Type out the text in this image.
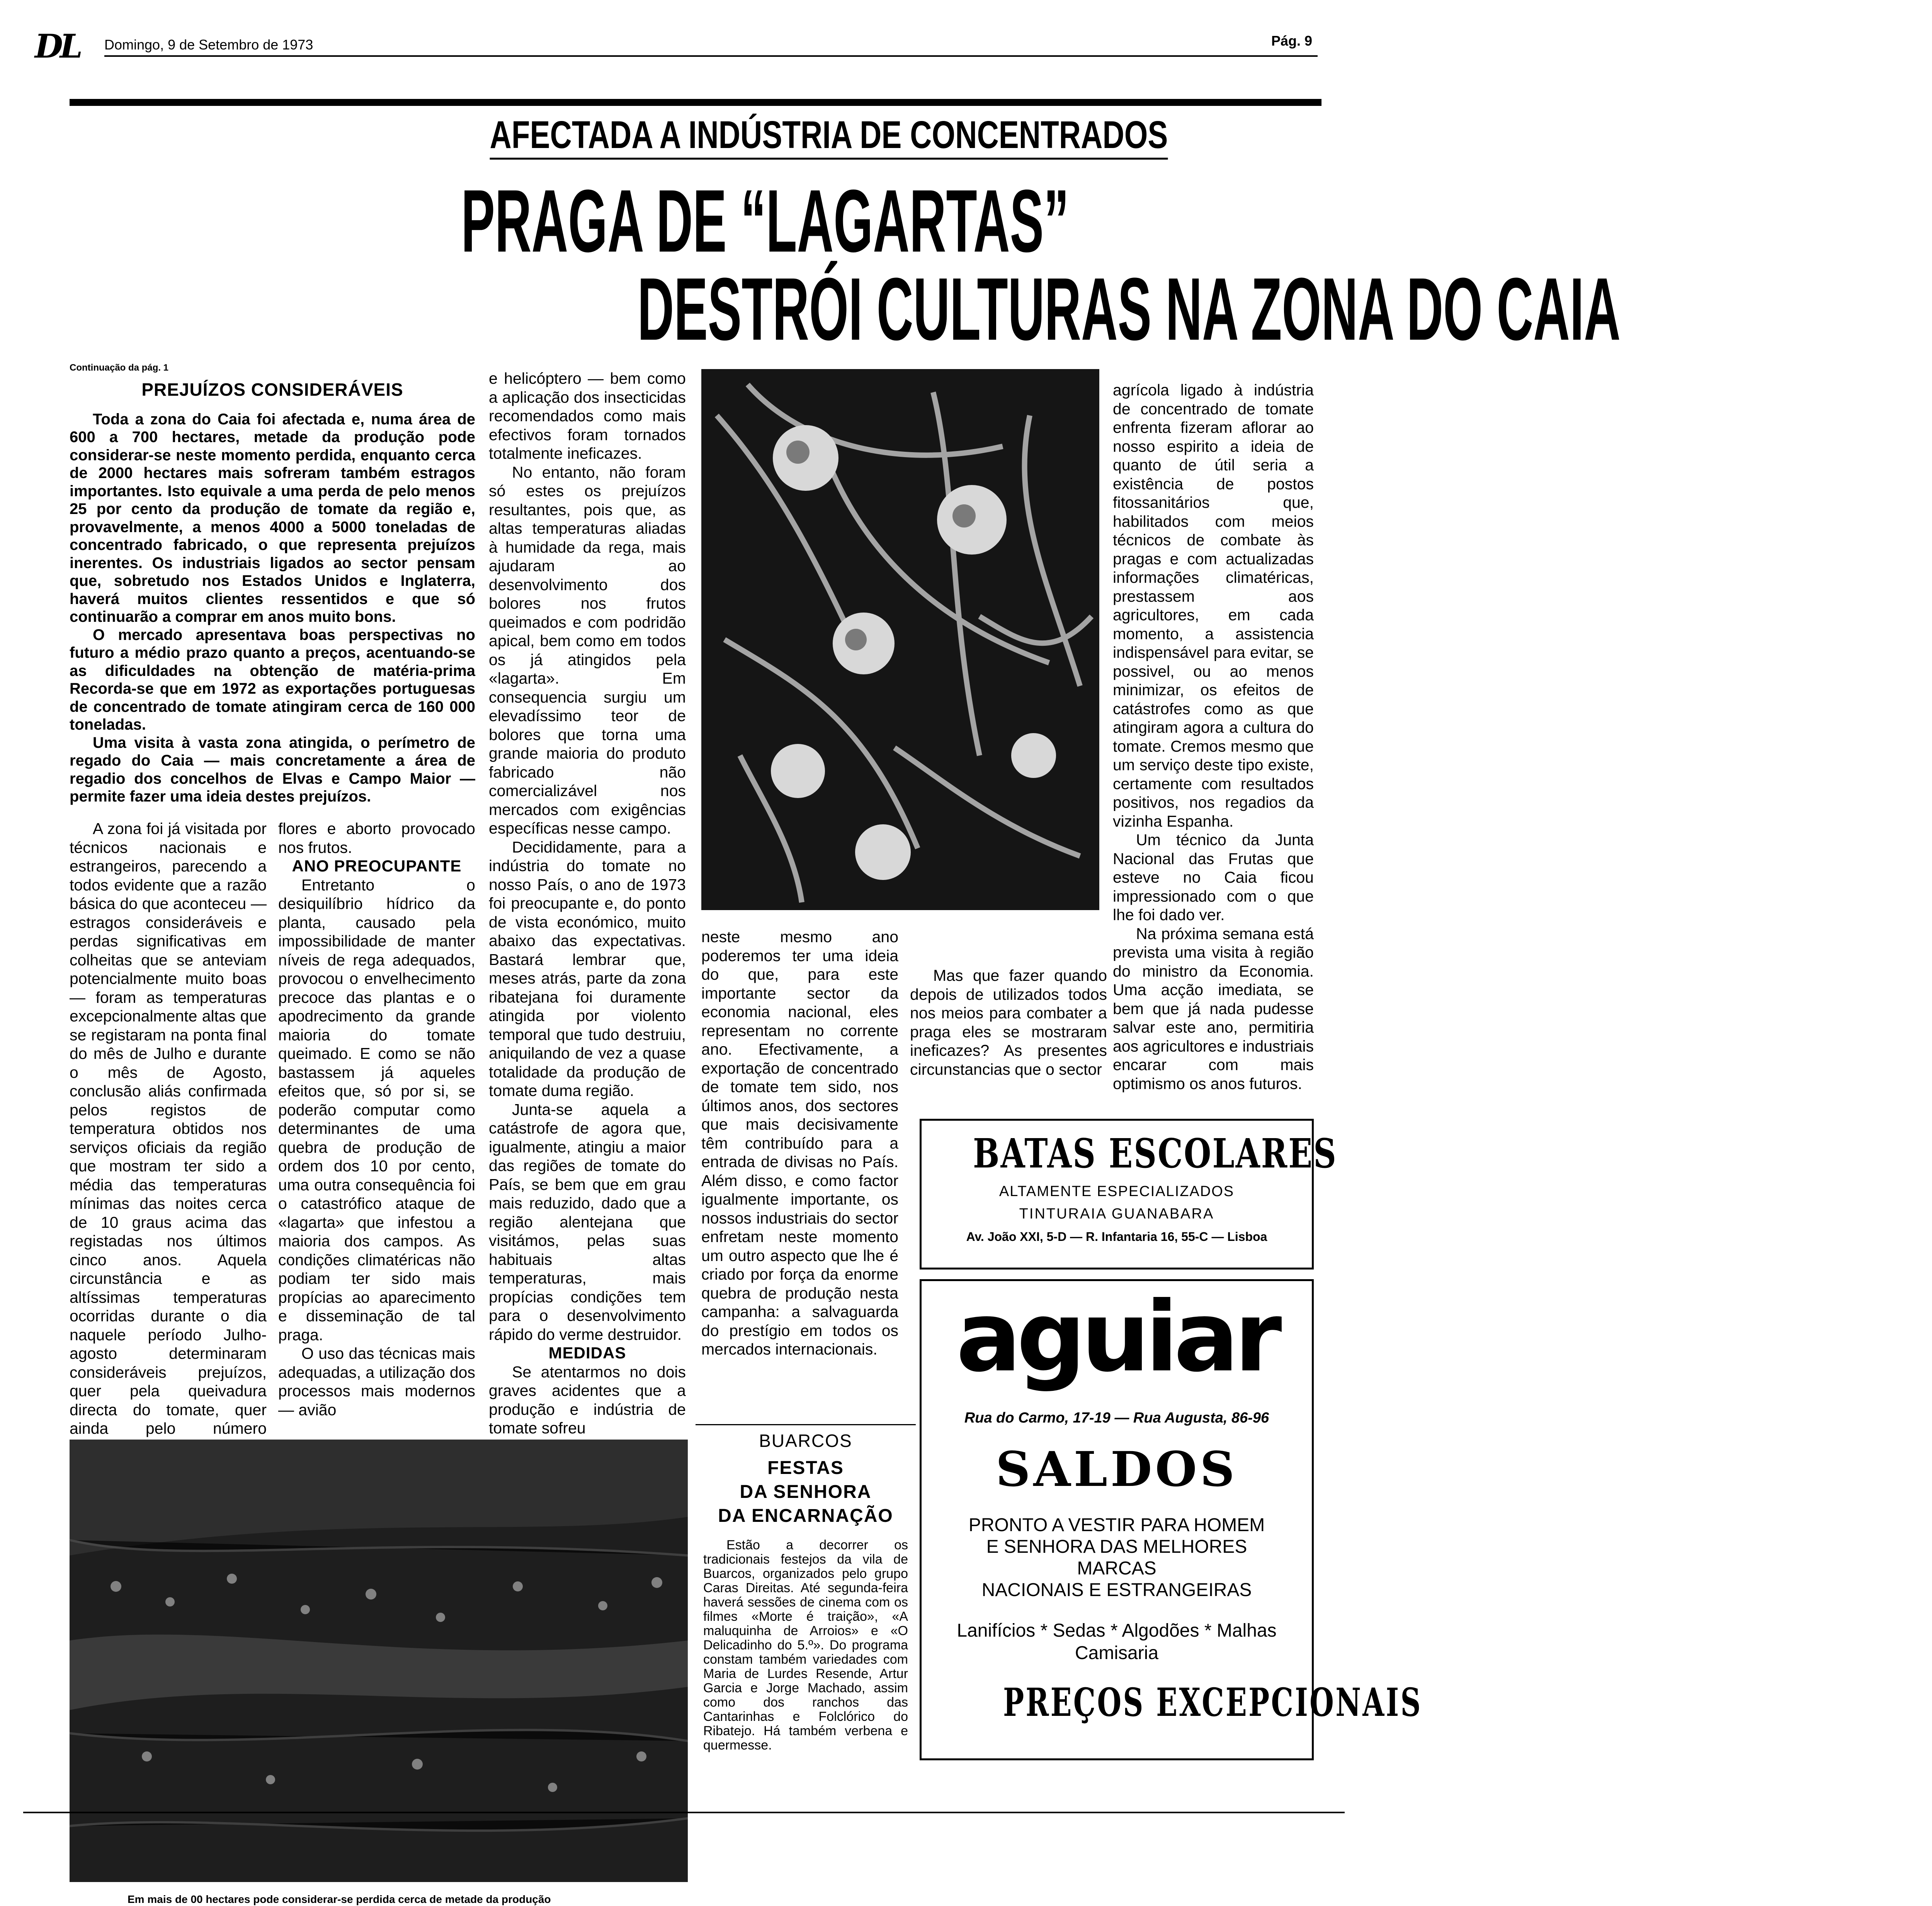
DL Domingo, 9 de Setembro de 1973	Pág. 9
AFECTADA A INDÚSTRIA DE CONCENTRADOS
PRAGA DE “LAGARTAS”
DESTRÓI CULTURAS NA ZONA DO CAIA
Continuação da pág. 1

PREJUÍZOS CONSIDERÁVEIS

Toda a zona do Caia foi afectada e, numa área de 600 a 700 hectares, metade da produção pode considerar-se neste momento perdida, enquanto cerca de 2000 hectares mais sofreram também estragos importantes. Isto equivale a uma perda de pelo menos 25 por cento da produção de tomate da região e, provavelmente, a menos 4000 a 5000 toneladas de concentrado fabricado, o que representa prejuízos inerentes. Os industriais ligados ao sector pensam que, sobretudo nos Estados Unidos e Inglaterra, haverá muitos clientes ressentidos e que só continuarão a comprar em anos muito bons.

O mercado apresentava boas perspectivas no futuro a médio prazo quanto a preços, acentuando-se as dificuldades na obtenção de matéria-prima Recorda-se que em 1972 as exportações portuguesas de concentrado de tomate atingiram cerca de 160 000 toneladas.

Uma visita à vasta zona atingida, o perímetro de regado do Caia — mais concretamente a área de regadio dos concelhos de Elvas e Campo Maior — permite fazer uma ideia destes prejuízos.

A zona foi já visitada por técnicos nacionais e estrangeiros, parecendo a todos evidente que a razão básica do que aconteceu — estragos consideráveis e perdas significativas em colheitas que se anteviam potencialmente muito boas — foram as temperaturas excepcionalmente altas que se registaram na ponta final do mês de Julho e durante o mês de Agosto, conclusão aliás confirmada pelos registos de temperatura obtidos nos serviços oficiais da região que mostram ter sido a média das temperaturas mínimas das noites cerca de 10 graus acima das registadas nos últimos cinco anos. Aquela circunstância e as altíssimas temperaturas ocorridas durante o dia naquele período Julho-agosto determinaram consideráveis prejuízos, quer pela queivadura directa do tomate, quer ainda pelo número

flores e aborto provocado nos frutos.

ANO PREOCUPANTE

Entretanto o desiquilíbrio hídrico da planta, causado pela impossibilidade de manter níveis de rega adequados, provocou o envelhecimento precoce das plantas e o apodrecimento da grande maioria do tomate queimado. E como se não bastassem já aqueles efeitos que, só por si, se poderão computar como determinantes de uma quebra de produção de ordem dos 10 por cento, uma outra consequência foi o catastrófico ataque de «lagarta» que infestou a maioria dos campos. As condições climatéricas não podiam ter sido mais propícias ao aparecimento e disseminação de tal praga.

O uso das técnicas mais adequadas, a utilização dos processos mais modernos — avião

e helicóptero — bem como a aplicação dos insecticidas recomendados como mais efectivos foram tornados totalmente ineficazes.

No entanto, não foram só estes os prejuízos resultantes, pois que, as altas temperaturas aliadas à humidade da rega, mais ajudaram ao desenvolvimento dos bolores nos frutos queimados e com podridão apical, bem como em todos os já atingidos pela «lagarta». Em consequencia surgiu um elevadíssimo teor de bolores que torna uma grande maioria do produto fabricado não comercializável nos mercados com exigências específicas nesse campo.

Decididamente, para a indústria do tomate no nosso País, o ano de 1973 foi preocupante e, do ponto de vista económico, muito abaixo das expectativas. Bastará lembrar que, meses atrás, parte da zona ribatejana foi duramente atingida por violento temporal que tudo destruiu, aniquilando de vez a quase totalidade da produção de tomate duma região.

Junta-se aquela a catástrofe de agora que, igualmente, atingiu a maior das regiões de tomate do País, se bem que em grau mais reduzido, dado que a região alentejana que visitámos, pelas suas habituais altas temperaturas, mais propícias condições tem para o desenvolvimento rápido do verme destruidor.

MEDIDAS

Se atentarmos no dois graves acidentes que a produção e indústria de tomate sofreu

neste mesmo ano poderemos ter uma ideia do que, para este importante sector da economia nacional, eles representam no corrente ano. Efectivamente, a exportação de concentrado de tomate tem sido, nos últimos anos, dos sectores que mais decisivamente têm contribuído para a entrada de divisas no País. Além disso, e como factor igualmente importante, os nossos industriais do sector enfretam neste momento um outro aspecto que lhe é criado por força da enorme quebra de produção nesta campanha: a salvaguarda do prestígio em todos os mercados internacionais.

Mas que fazer quando depois de utilizados todos nos meios para combater a praga eles se mostraram ineficazes? As presentes circunstancias que o sector

agrícola ligado à indústria de concentrado de tomate enfrenta fizeram aflorar ao nosso espirito a ideia de quanto de útil seria a existência de postos fitossanitários que, habilitados com meios técnicos de combate às pragas e com actualizadas informações climatéricas, prestassem aos agricultores, em cada momento, a assistencia indispensável para evitar, se possivel, ou ao menos minimizar, os efeitos de catástrofes como as que atingiram agora a cultura do tomate. Cremos mesmo que um serviço deste tipo existe, certamente com resultados positivos, nos regadios da vizinha Espanha.

Um técnico da Junta Nacional das Frutas que esteve no Caia ficou impressionado com o que lhe foi dado ver.

Na próxima semana está prevista uma visita à região do ministro da Economia. Uma acção imediata, se bem que já nada pudesse salvar este ano, permitiria aos agricultores e industriais encarar com mais optimismo os anos futuros.

Em mais de 00 hectares pode considerar-se perdida cerca de metade da produção
BUARCOS
FESTAS
DA SENHORA
DA ENCARNAÇÃO

Estão a decorrer os tradicionais festejos da vila de Buarcos, organizados pelo grupo Caras Direitas. Até segunda-feira haverá sessões de cinema com os filmes «Morte é traição», «A maluquinha de Arroios» e «O Delicadinho do 5.º». Do programa constam também variedades com Maria de Lurdes Resende, Artur Garcia e Jorge Machado, assim como dos ranchos das Cantarinhas e Folclórico do Ribatejo. Há também verbena e quermesse.

BATAS ESCOLARES
ALTAMENTE ESPECIALIZADOS
TINTURAIA GUANABARA
Av. João XXI, 5-D — R. Infantaria 16, 55-C — Lisboa
aguiar
Rua do Carmo, 17-19 — Rua Augusta, 86-96
SALDOS
PRONTO A VESTIR PARA HOMEM
E SENHORA DAS MELHORES
MARCAS
NACIONAIS E ESTRANGEIRAS
Lanifícios * Sedas * Algodões * Malhas
Camisaria
PREÇOS EXCEPCIONAIS
